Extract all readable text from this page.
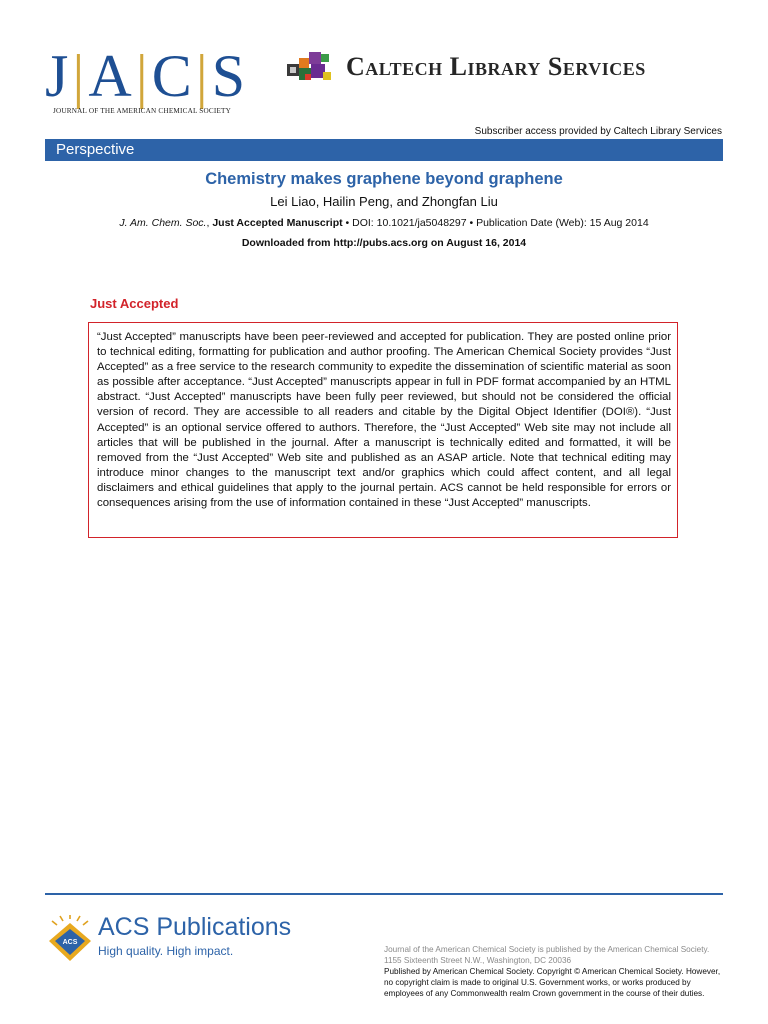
J|A|C|S
JOURNAL OF THE AMERICAN CHEMICAL SOCIETY
Caltech Library Services
Subscriber access provided by Caltech Library Services
Perspective
Chemistry makes graphene beyond graphene
Lei Liao, Hailin Peng, and Zhongfan Liu
J. Am. Chem. Soc., Just Accepted Manuscript • DOI: 10.1021/ja5048297 • Publication Date (Web): 15 Aug 2014
Downloaded from http://pubs.acs.org on August 16, 2014
Just Accepted

“Just Accepted” manuscripts have been peer-reviewed and accepted for publication. They are posted online prior to technical editing, formatting for publication and author proofing. The American Chemical Society provides “Just Accepted” as a free service to the research community to expedite the dissemination of scientific material as soon as possible after acceptance. “Just Accepted” manuscripts appear in full in PDF format accompanied by an HTML abstract. “Just Accepted” manuscripts have been fully peer reviewed, but should not be considered the official version of record. They are accessible to all readers and citable by the Digital Object Identifier (DOI®). “Just Accepted” is an optional service offered to authors. Therefore, the “Just Accepted” Web site may not include all articles that will be published in the journal. After a manuscript is technically edited and formatted, it will be removed from the “Just Accepted” Web site and published as an ASAP article. Note that technical editing may introduce minor changes to the manuscript text and/or graphics which could affect content, and all legal disclaimers and ethical guidelines that apply to the journal pertain. ACS cannot be held responsible for errors or consequences arising from the use of information contained in these “Just Accepted” manuscripts.

ACS
ACS Publications
High quality. High impact.	Journal of the American Chemical Society is published by the American Chemical Society. 1155 Sixteenth Street N.W., Washington, DC 20036

Published by American Chemical Society. Copyright © American Chemical Society. However, no copyright claim is made to original U.S. Government works, or works produced by employees of any Commonwealth realm Crown government in the course of their duties.
